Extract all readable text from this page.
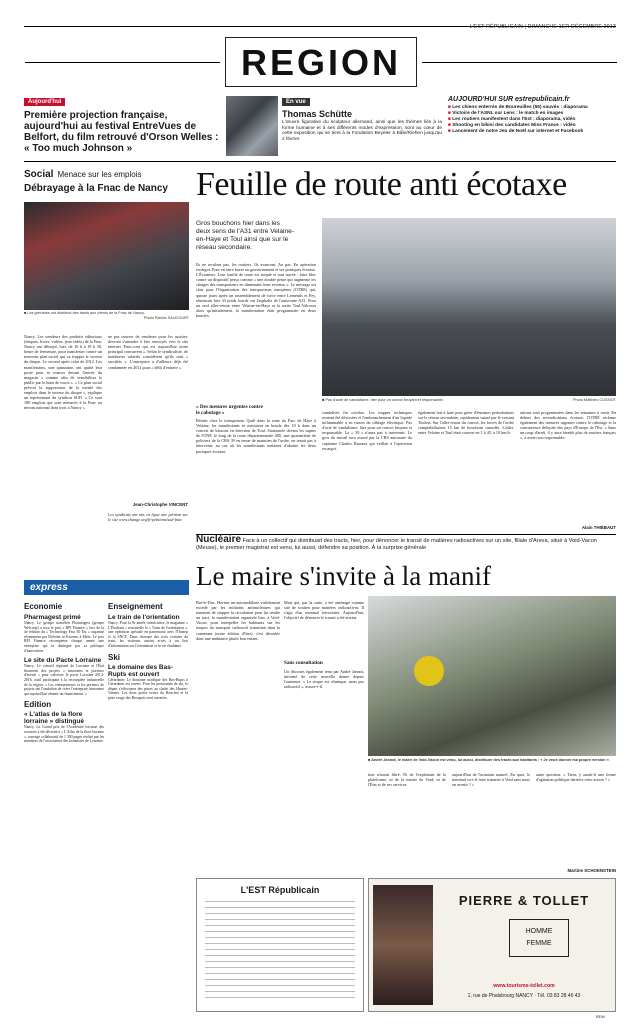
L'EST RÉPUBLICAIN | DIMANCHE 1ER DÉCEMBRE 2013
REGION
Aujourd'hui
Première projection française, aujourd'hui au festival EntreVues de Belfort, du film retrouvé d'Orson Welles : « Too much Johnson »
En vue
Thomas Schütte
L'œuvre figurative du sculpteur allemand, ainsi que les thèmes liés à la forme humaine et à ses différents modes d'expression, sont au cœur de cette exposition qui se tient à la Fondation Beyeler à Bâle/Riehen jusqu'au 2 février.
AUJOURD'HUI SUR estrepublicain.fr
■ Les chiens enterrés de Boureuilles (55) sauvés : diaporama
■ Victoire de l'ASNL sur Lens : le match en images
■ Les routiers manifestent dans l'Est : diaporama, vidéo
■ Shooting en bikini des candidates Miss France : vidéo
■ Lancement de notre Jeu de Noël sur internet et Facebook
Social Menace sur les emplois
Débrayage à la Fnac de Nancy
■ Les grévistes ont distribué des tracts aux clients de la Fnac de Nancy.
Photo Patrice SAUCOURT
Nancy. Les vendeurs des produits éditoriaux (disques, livres, vidéos, jeux vidéo) de la Fnac Nancy ont débrayé, hier, de 16 h à 19 h 30, heure de fermeture, pour manifester contre un nouveau plan social qui va frapper le secteur du disque. Le second après celui de 2012. Les manifestants, une quinzaine, ont quitté leur poste pour se masser devant l'entrée du magasin « comme afin de sensibiliser le public par le biais de tracts ». « Ce plan social prévoit la suppression de la moitié des emplois dans le secteur du disque », explique un représentant du syndicat SUD. « Ce sont 180 emplois qui sont menacés à la Fnac au niveau national dont trois à Nancy ».
ne pas trouver de vendeurs pour les assister, devront s'attendre à être renvoyés vers le site internet Fnac.com qui est aujourd'hui notre principal concurrent ». Selon le syndicaliste, de nombreux salariés considèrent qu'ils sont « sacrifiés ». L'entreprise a d'ailleurs déjà été condamnée en 2012 pour « délit d'entrave ».
Jean-Christophe VINCENT
Les syndicats ont mis en ligne une pétition sur le site www.change.org/fr/pétitions/sud-fnac
Feuille de route anti écotaxe
Gros bouchons hier dans les deux sens de l'A31 entre Velaine-en-Haye et Toul ainsi que sur le réseau secondaire.
Ils ne reculent pas, les routiers. Ils avancent. Au pas. En opération escargot. Pour en faire baver au gouvernement et ses portiques écotaxe. L'Écomouv. Leur feuille de route est simple et tout tracée : faire bloc contre un dispositif perçu comme « une double peine qui augmente les charges des transporteurs en diminuant leurs revenus ». Le message est clair pour l'Organisation des transporteurs européens (OTRE) qui, quinze jours après un rassemblement de force entre Lemenils et Fey, réunissait hier 43 poids lourds sur l'asphalte de l'autoroute A31. Pour un seul allez-retour entre Velaine-en-Haye et la sortie Toul-Valcourt alors qu'initialement, la manifestation était programmée en deux boucles.
« Des mesures urgentes contre le cabotage »
Réunis chez le transporteur Quiil dans la zone du Parc de Haye à Velaine, les manifestants se mettaient en branle dès 10 h dans un concert de klaxons en direction de Toul. Stationnée devant les sapins de l'ONF, le long de la route départementale 400, une quarantaine de policiers de la CRS 39 en tenue de maintien de l'ordre, ne tenait pas à intervenir, au cas où les manifestants tentaient d'abattre les deux portiques écotaxe.
■ Pas d'acte de vandalisme, hier pour un convoi bruyant et responsable.	Photo Matthieu CUGNOT
vandalisés fin octobre. Les trappes techniques avaient été dévissées et l'embranchement d'un liquide inflammable a eu raison du câblage électrique. Pas d'acte de vandalisme, hier pour un convoi bruyant et responsable. La « 39 » n'aura pas à intervenir. Le gros du travail sera assuré par la CRS autoroute du capitaine Charles Barraux qui veillait à l'opération escargot.
également fort à faire pour gérer d'énormes perturbations sur le réseau secondaire, rapidement saturé par le versant Toulois. Sur l'aller-retour du convoi, les forces de l'ordre comptabilisaient 15 km de bouchons cumulés. L'aller, entre Velaine et Toul était couvert en 1 h 45, à 10 km/h.
rations sont programmées dans les semaines à venir. En dehors des revendications écotaxe, l'OTRE réclame également des mesures urgentes contre le cabotage et la concurrence déloyale des pays d'Europe de l'Est. « Sans un coup d'arrêt, il y aura bientôt plus de routiers français », a averti son responsable.
Alain THIÉBAUT
Nucléaire Face à un collectif qui distribuait des tracts, hier, pour dénoncer le transit de matières radioactives sur un site, filiale d'Areva, situé à Void-Vacon (Meuse), le premier magistrat est venu, lui aussi, défendre sa position. À la surprise générale
Le maire s'invite à la manif
Bar-le-Duc. Hormis un automobiliste visiblement excédé par les militants antinucléaires qui tentaient de stopper la circulation pour lui tendre un tract, la manifestation organisée hier, à Void-Vacon, pour interpeller les habitants sur les risques du transport radioactif transitant dans la commune (notre édition d'hier), s'est déroulée dans une ambiance plutôt bon enfant.
Mais qui, par la suite, a été aménagé comme site de soutien pour matières radioactives. Il s'agit d'un terminal ferroviaire. Aujourd'hui, l'objectif de dénoncer le transit a été atteint.
Sans consultation
Un discours également tenu par André Jannot, informé de cette nouvelle donne depuis l'automne. « Le risque est chimique, mais pas radioactif », assure-t-il.
■ André Jannot, le maire de Void-Vacon est venu, lui aussi, distribuer des tracts aux habitants : « Je veux donner ma propre version ».
tion n'aurait filtré. Ni de l'exploitant de la plateforme, ni de la mairie de Void, ni de l'État et de ses services.
aujourd'hui de l'uranium naturel. En quoi, le terminal va-t-il faire transiter à Void sans nous en avertir ? »
autre question. « Tiens, y aurait-il une forme d'agitation politique derrière cette action ? »
Martine SCHOENSTEIN
express
Economie
Pharmagest primé
Nancy. Le groupe nancéien Pharmagest (groupe Welcoop) a reçu le prix « BFI Finance » lors de la 4e édition du « Technology Fast 50 Est » organisé récemment par Deloitte in Extenso à Metz. Le prix BFI Finance récompense chaque année une entreprise qui se distingue par sa politique d'innovation.
Le site du Pacte Lorraine
Nancy. Le conseil régional de Lorraine et l'État financent des projets « innovants et porteurs d'avenir » pour valoriser le pacte Lorraine 2014-2016, outil participant à la reconquête industrielle de la région. « Les entrepreneurs et les porteurs de projets ont l'ambition de créer l'entreprise innovante qui aujourd'hui obtenir un financement. »
Edition
« L'atlas de la flore lorraine » distingué
Nancy. Le Grand prix de l'Académie lorraine des sciences a été décerné à « L'Atlas de la flore lorraine », ouvrage collaboratif de 1 300 pages réalisé par les membres de l'association des botanistes de Lorraine.
Enseignement
Le train de l'orientation
Nancy. Pour la 9e année consécutive, le magazine « L'Étudiant » renouvelle le « Train de l'orientation », une opération spéciale en partenariat avec l'Onisep et la SNCF. Dans chacune des trois voitures du train, les visiteurs auront accès à un lieu d'information sur l'orientation et la vie étudiante.
Ski
Le domaine des Bas-Rupts est ouvert
Gérardmer. Le domaine nordique des Bas-Rupts à Gérardmer est ouvert. Pour les passionnés de ski, le départ s'effectuera des pistes au chalet des Hautes-Vannes. Les deux pistes vertes du Bouchot et la piste rouge des Bosquets sont ouvertes.
L'EST Républicain
PIERRE & TOLLET
HOMME
FEMME
www.tourisme-tollet.com
1, rue de Phalsbourg NANCY · Tél. 03 83 28 46 43
RDN
